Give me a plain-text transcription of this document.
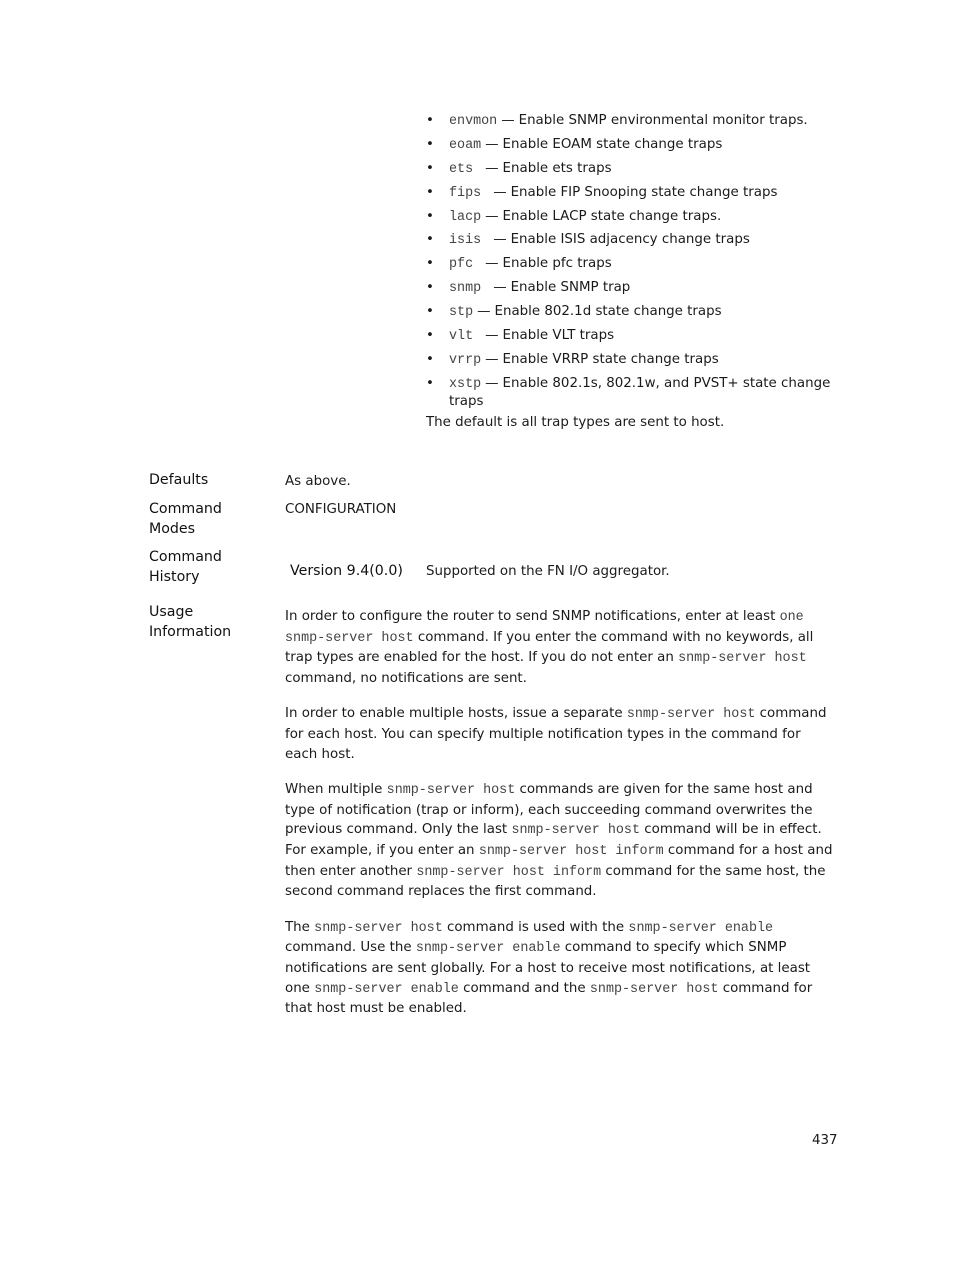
• envmon — Enable SNMP environmental monitor traps.
• eoam — Enable EOAM state change traps
• ets — Enable ets traps
• fips — Enable FIP Snooping state change traps
• lacp — Enable LACP state change traps.
• isis — Enable ISIS adjacency change traps
• pfc — Enable pfc traps
• snmp — Enable SNMP trap
• stp — Enable 802.1d state change traps
• vlt — Enable VLT traps
• vrrp — Enable VRRP state change traps
• xstp — Enable 802.1s, 802.1w, and PVST+ state change traps

The default is all trap types are sent to host.

Defaults	As above.
Command
Modes
CONFIGURATION
Command
History	Version 9.4(0.0) Supported on the FN I/O aggregator.
Usage
Information

In order to configure the router to send SNMP notifications, enter at least one snmp-server host command. If you enter the command with no keywords, all trap types are enabled for the host. If you do not enter an snmp-server host command, no notifications are sent.

In order to enable multiple hosts, issue a separate snmp-server host command for each host. You can specify multiple notification types in the command for each host.

When multiple snmp-server host commands are given for the same host and type of notification (trap or inform), each succeeding command overwrites the previous command. Only the last snmp-server host command will be in effect. For example, if you enter an snmp-server host inform command for a host and then enter another snmp-server host inform command for the same host, the second command replaces the first command.

The snmp-server host command is used with the snmp-server enable command. Use the snmp-server enable command to specify which SNMP notifications are sent globally. For a host to receive most notifications, at least one snmp-server enable command and the snmp-server host command for that host must be enabled.

437
